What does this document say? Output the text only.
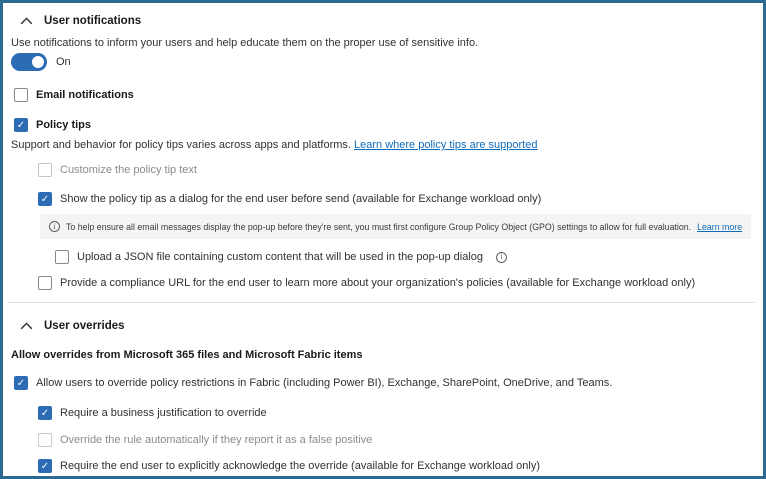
User notifications
Use notifications to inform your users and help educate them on the proper use of sensitive info.
On
Email notifications
✓
Policy tips
Support and behavior for policy tips varies across apps and platforms. Learn where policy tips are supported
Customize the policy tip text
✓
Show the policy tip as a dialog for the end user before send (available for Exchange workload only)
i	To help ensure all email messages display the pop-up before they're sent, you must first configure Group Policy Object (GPO) settings to allow for full evaluation. Learn more
Upload a JSON file containing custom content that will be used in the pop-up dialog	i
Provide a compliance URL for the end user to learn more about your organization's policies (available for Exchange workload only)
User overrides
Allow overrides from Microsoft 365 files and Microsoft Fabric items
✓
Allow users to override policy restrictions in Fabric (including Power BI), Exchange, SharePoint, OneDrive, and Teams.
✓
Require a business justification to override
Override the rule automatically if they report it as a false positive
✓
Require the end user to explicitly acknowledge the override (available for Exchange workload only)
